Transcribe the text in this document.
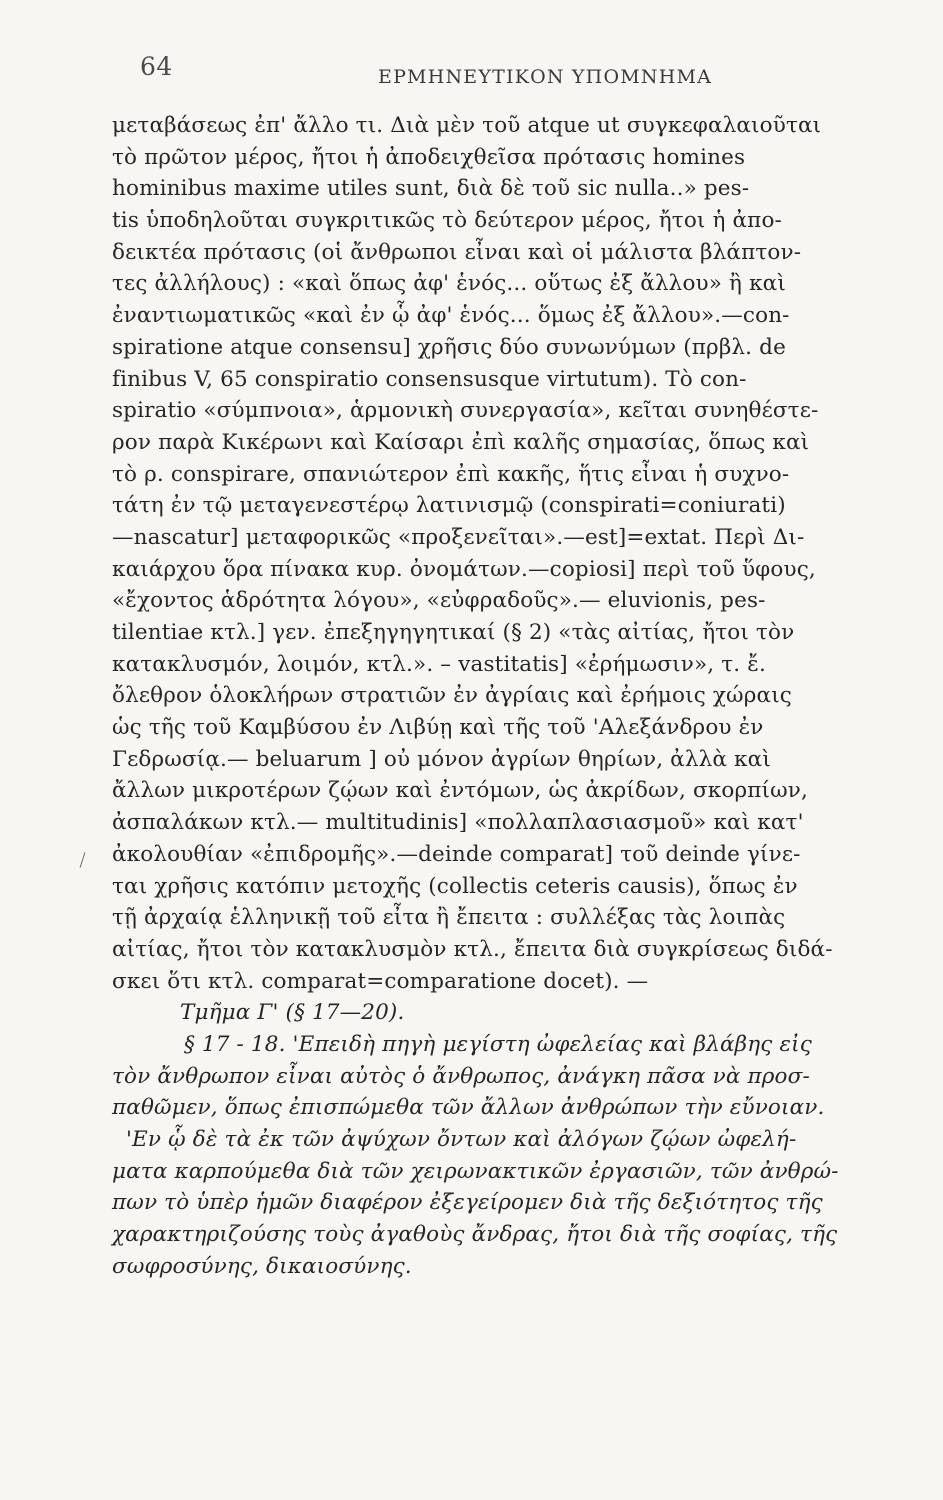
64	ΕΡΜΗΝΕΥΤΙΚΟΝ ΥΠΟΜΝΗΜΑ
μεταβάσεως ἐπ' ἄλλο τι. Διὰ μὲν τοῦ atque ut συγκεφαλαιοῦται
τὸ πρῶτον μέρος, ἤτοι ἡ ἀποδειχθεῖσα πρότασις homines
hominibus maxime utiles sunt, διὰ δὲ τοῦ sic nulla..» pes-
tis ὑποδηλοῦται συγκριτικῶς τὸ δεύτερον μέρος, ἤτοι ἡ ἀπο-
δεικτέα πρότασις (οἱ ἄνθρωποι εἶναι καὶ οἱ μάλιστα βλάπτον-
τες ἀλλήλους) : «καὶ ὅπως ἀφ' ἑνός... οὕτως ἐξ ἄλλου» ἢ καὶ
ἐναντιωματικῶς «καὶ ἐν ᾧ ἀφ' ἑνός... ὅμως ἐξ ἄλλου».—con-
spiratione atque consensu] χρῆσις δύο συνωνύμων (πρβλ. de
finibus V, 65 conspiratio consensusque virtutum). Τὸ con-
spiratio «σύμπνοια», ἁρμονικὴ συνεργασία», κεῖται συνηθέστε-
ρον παρὰ Κικέρωνι καὶ Καίσαρι ἐπὶ καλῆς σημασίας, ὅπως καὶ
τὸ ρ. conspirare, σπανιώτερον ἐπὶ κακῆς, ἥτις εἶναι ἡ συχνο-
τάτη ἐν τῷ μεταγενεστέρῳ λατινισμῷ (conspirati=coniurati)
—nascatur] μεταφορικῶς «προξενεῖται».—est]=extat. Περὶ Δι-
καιάρχου ὅρα πίνακα κυρ. ὀνομάτων.—copiosi] περὶ τοῦ ὕφους,
«ἔχοντος ἁδρότητα λόγου», «εὐφραδοῦς».— eluvionis, pes-
tilentiae κτλ.] γεν. ἐπεξηγηγητικαί (§ 2) «τὰς αἰτίας, ἤτοι τὸν
κατακλυσμόν, λοιμόν, κτλ.». – vastitatis] «ἐρήμωσιν», τ. ἔ.
ὄλεθρον ὁλοκλήρων στρατιῶν ἐν ἀγρίαις καὶ ἐρήμοις χώραις
ὡς τῆς τοῦ Καμβύσου ἐν Λιβύῃ καὶ τῆς τοῦ 'Αλεξάνδρου ἐν
Γεδρωσίᾳ.— beluarum ] οὐ μόνον ἀγρίων θηρίων, ἀλλὰ καὶ
ἄλλων μικροτέρων ζῴων καὶ ἐντόμων, ὡς ἀκρίδων, σκορπίων,
ἀσπαλάκων κτλ.— multitudinis] «πολλαπλασιασμοῦ» καὶ κατ'
ἀκολουθίαν «ἐπιδρομῆς».—deinde comparat] τοῦ deinde γίνε-
ται χρῆσις κατόπιν μετοχῆς (collectis ceteris causis), ὅπως ἐν
τῇ ἀρχαίᾳ ἑλληνικῇ τοῦ εἶτα ἢ ἔπειτα : συλλέξας τὰς λοιπὰς
αἰτίας, ἤτοι τὸν κατακλυσμὸν κτλ., ἔπειτα διὰ συγκρίσεως διδά-
σκει ὅτι κτλ. comparat=comparatione docet). —
Τμῆμα Γ' (§ 17—20).
§ 17 - 18. 'Επειδὴ πηγὴ μεγίστη ὠφελείας καὶ βλάβης εἰς
τὸν ἄνθρωπον εἶναι αὐτὸς ὁ ἄνθρωπος, ἀνάγκη πᾶσα νὰ προσ-
παθῶμεν, ὅπως ἐπισπώμεθα τῶν ἄλλων ἀνθρώπων τὴν εὔνοιαν.
'Εν ᾧ δὲ τὰ ἐκ τῶν ἀψύχων ὄντων καὶ ἀλόγων ζῴων ὠφελή-
ματα καρπούμεθα διὰ τῶν χειρωνακτικῶν ἐργασιῶν, τῶν ἀνθρώ-
πων τὸ ὑπὲρ ἡμῶν διαφέρον ἐξεγείρομεν διὰ τῆς δεξιότητος τῆς
χαρακτηριζούσης τοὺς ἀγαθοὺς ἄνδρας, ἤτοι διὰ τῆς σοφίας, τῆς
σωφροσύνης, δικαιοσύνης.
